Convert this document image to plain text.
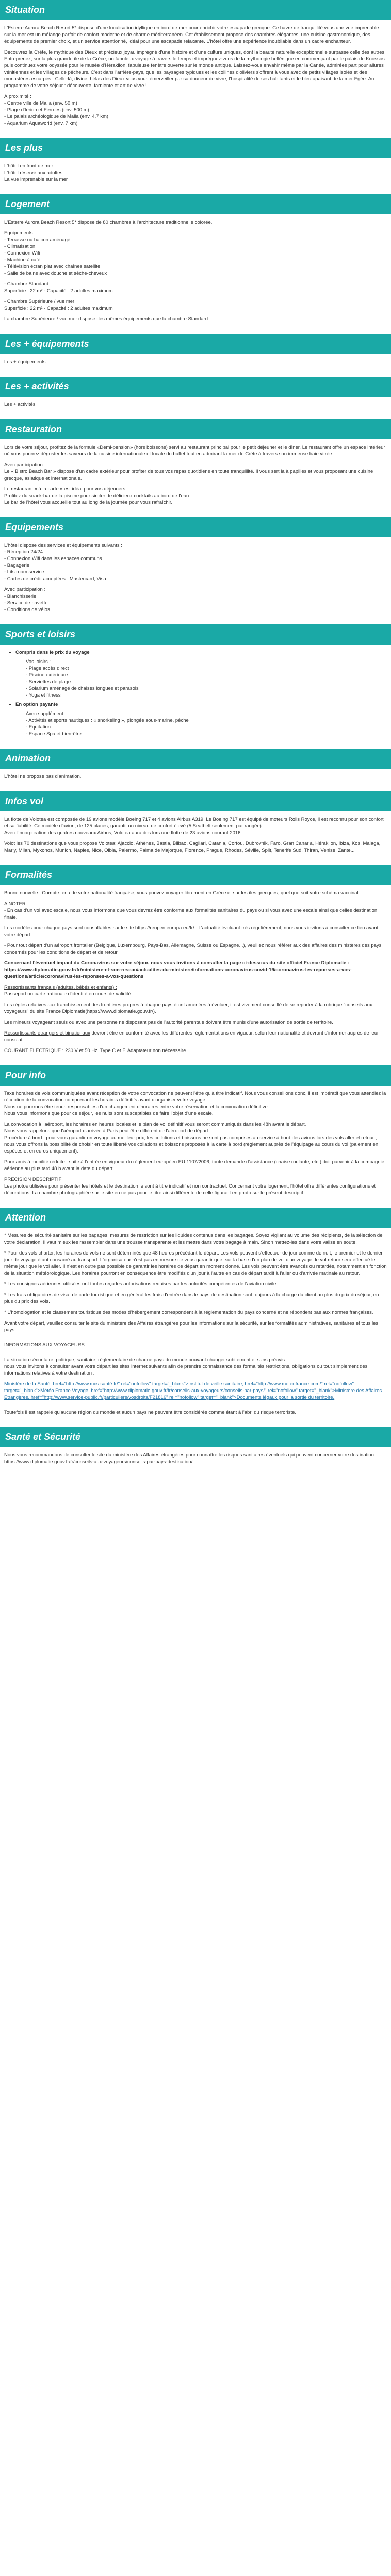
Situation

L'Esterre Aurora Beach Resort 5* dispose d'une localisation idyllique en bord de mer pour enrichir votre escapade grecque. Ce havre de tranquillité vous une vue imprenable sur la mer est un mélange parfait de confort moderne et de charme méditerranéen. Cet établissement propose des chambres élégantes, une cuisine gastronomique, des équipements de premier choix, et un service attentionné, idéal pour une escapade relaxante. L'hôtel offre une expérience inoubliable dans un cadre enchanteur.

Découvrez la Crète, le mythique des Dieux et précieux joyau imprégné d'une histoire et d'une culture uniques, dont la beauté naturelle exceptionnelle surpasse celle des autres. Entreprenez, sur la plus grande île de la Grèce, un fabuleux voyage à travers le temps et imprégnez-vous de la mythologie hellénique en commençant par le palais de Knossos puis continuez votre odyssée pour le musée d'Héraklion, fabuleuse fenêtre ouverte sur le monde antique. Laissez-vous envahir même par la Canée, admirées part pour allures vénitiennes et les villages de pêcheurs. C'est dans l'arrière-pays, que les paysages typiques et les collines d'oliviers s'offrent à vous avec de petits villages isolés et des monastères escarpés.. Celle-là, divine, hélas des Dieux vous vous émerveiller par sa douceur de vivre, l'hospitalité de ses habitants et le bleu apaisant de la mer Egée. Au programme de votre séjour : découverte, farniente et art de vivre !

À proximité :

- Centre ville de Malia (env. 50 m)
- Plage d'Ierion et Ferroes (env. 500 m)
- Le palais archéologique de Malia (env. 4.7 km)
- Aquarium Aquaworld (env. 7 km)
Les plus
L'hôtel en front de mer
L'hôtel réservé aux adultes
La vue imprenable sur la mer
Logement

L'Esterre Aurora Beach Resort 5* dispose de 80 chambres à l'architecture traditionnelle colorée.

Equipements :

- Terrasse ou balcon aménagé
- Climatisation
- Connexion Wifi
- Machine à café
- Télévision écran plat avec chaînes satellite
- Salle de bains avec douche et sèche-cheveux

- Chambre Standard

Superficie : 22 m² - Capacité : 2 adultes maximum

- Chambre Supérieure / vue mer

Superficie : 22 m² - Capacité : 2 adultes maximum

La chambre Supérieure / vue mer dispose des mêmes équipements que la chambre Standard.

Les + équipements

Les + équipements

Les + activités

Les + activités

Restauration

Lors de votre séjour, profitez de la formule «Demi-pension» (hors boissons) servi au restaurant principal pour le petit déjeuner et le dîner. Le restaurant offre un espace intérieur où vous pourrez déguster les saveurs de la cuisine internationale et locale du buffet tout en admirant la mer de Crète à travers son immense baie vitrée.

Avec participation :

Le « Bistro Beach Bar » dispose d'un cadre extérieur pour profiter de tous vos repas quotidiens en toute tranquillité. Il vous sert la à papilles et vous proposant une cuisine grecque, asiatique et internationale.

Le restaurant « à la carte » est idéal pour vos déjeuners.

Profitez du snack-bar de la piscine pour siroter de délicieux cocktails au bord de l'eau.

Le bar de l'hôtel vous accueille tout au long de la journée pour vous rafraîchir.

Equipements

L'hôtel dispose des services et équipements suivants :

- Réception 24/24
- Connexion Wifi dans les espaces communs
- Bagagerie
- Lits room service
- Cartes de crédit acceptées : Mastercard, Visa.

Avec participation :

- Blanchisserie
- Service de navette
- Conditions de vélos
Sports et loisirs
• Compris dans le prix du voyage
Vos loisirs :
- Plage accès direct
- Piscine extérieure
- Serviettes de plage
- Solarium aménagé de chaises longues et parasols
- Yoga et fitness
• En option payante
Avec supplément :
- Activités et sports nautiques : « snorkeling », plongée sous-marine, pêche
- Equitation
- Espace Spa et bien-être
Animation

L'hôtel ne propose pas d'animation.

Infos vol

La flotte de Volotea est composée de 19 avions modèle Boeing 717 et 4 avions Airbus A319. Le Boeing 717 est équipé de moteurs Rolls Royce, il est reconnu pour son confort et sa fiabilité. Ce modèle d'avion, de 125 places, garantit un niveau de confort élevé (5 Seatbelt seulement par rangée).

Avec l'incorporation des quatres nouveaux Airbus, Volotea aura des lors une flotte de 23 avions courant 2016.

Volot les 70 destinations que vous propose Volotea: Ajaccio, Athènes, Bastia, Bilbao, Cagliari, Catania, Corfou, Dubrovnik, Faro, Gran Canaria, Héraklion, Ibiza, Kos, Malaga, Marly, Milan, Mykonos, Munich, Naples, Nice, Olbia, Palermo, Palma de Majorque, Florence, Prague, Rhodes, Séville, Split, Tenerife Sud, Thiran, Venise, Zante...

Formalités

Bonne nouvelle : Compte tenu de votre nationalité française, vous pouvez voyager librement en Grèce et sur les îles grecques, quel que soit votre schéma vaccinal.

A NOTER :

- En cas d'un vol avec escale, nous vous informons que vous devrez être conforme aux formalités sanitaires du pays ou si vous avez une escale ainsi que celles destination finale.

Les modèles pour chaque pays sont consultables sur le site https://reopen.europa.eu/fr/ : L'actualité évoluant très régulièrement, nous vous invitons à consulter ce lien avant votre départ.

- Pour tout départ d'un aéroport frontalier (Belgique, Luxembourg, Pays-Bas, Allemagne, Suisse ou Espagne...), veuillez nous référer aux des affaires des ministères des pays concernés pour les conditions de départ et de retour.

Concernant l'éventuel impact du Coronavirus sur votre séjour, nous vous invitons à consulter la page ci-dessous du site officiel France Diplomatie :

https://www.diplomatie.gouv.fr/fr/ministere-et-son-reseau/actualites-du-ministere/informations-coronavirus-covid-19/coronavirus-les-reponses-a-vos-questions/article/coronavirus-les-reponses-a-vos-questions

Ressortissants français (adultes, bébés et enfants) :

Passeport ou carte nationale d'identité en cours de validité.

Les règles relatives aux franchissement des frontières propres à chaque pays étant amenées à évoluer, il est vivement conseillé de se reporter à la rubrique "conseils aux voyageurs" du site France Diplomatie(https://www.diplomatie.gouv.fr/).

Les mineurs voyageant seuls ou avec une personne ne disposant pas de l'autorité parentale doivent être munis d'une autorisation de sortie de territoire.

Ressortissants étrangers et binationaux devront être en conformité avec les différentes réglementations en vigueur, selon leur nationalité et devront s'informer auprès de leur consulat.

COURANT ELECTRIQUE : 230 V et 50 Hz. Type C et F. Adaptateur non nécessaire.

Pour info

Taxe horaires de vols communiquées avant réception de votre convocation ne peuvent l'être qu'à titre indicatif. Nous vous conseillons donc, il est impératif que vous attendiez la réception de la convocation comprenant les horaires définitifs avant d'organiser votre voyage.

Nous ne pourrons être tenus responsables d'un changement d'horaires entre votre réservation et la convocation définitive.

Nous vous informons que pour ce séjour, les nuits sont susceptibles de faire l'objet d'une escale.

La convocation à l'aéroport, les horaires en heures locales et le plan de vol définitif vous seront communiqués dans les 48h avant le départ.

Nous vous rappelons que l'aéroport d'arrivée à Paris peut être différent de l'aéroport de départ.

Procédure à bord : pour vous garantir un voyage au meilleur prix, les collations et boissons ne sont pas comprises au service à bord des avions lors des vols aller et retour ; nous vous offrons la possibilité de choisir en toute liberté vos collations et boissons proposés à la carte à bord (règlement auprès de l'équipage au cours du vol (paiement en espèces et en euros uniquement).

Pour amis à mobilité réduite : suite à l'entrée en vigueur du règlement européen EU 1107/2006, toute demande d'assistance (chaise roulante, etc.) doit parvenir à la compagnie aérienne au plus tard 48 h avant la date du départ.

PRÉCISION DESCRIPTIF

Les photos utilisées pour présenter les hôtels et le destination le sont à titre indicatif et non contractuel. Concernant votre logement, l'hôtel offre différentes configurations et décorations. La chambre photographiée sur le site en ce pas pour le titre ainsi différente de celle figurant en photo sur le présent descriptif.

Attention

* Mesures de sécurité sanitaire sur les bagages: mesures de restriction sur les liquides contenus dans les bagages. Soyez vigilant au volume des récipients, de la sélection de votre déclaration. Il vaut mieux les rassembler dans une trousse transparente et les mettre dans votre bagage à main. Sinon mettez-les dans votre valise en soute.

* Pour des vols charter, les horaires de vols ne sont déterminés que 48 heures précédant le départ. Les vols peuvent s'effectuer de jour comme de nuit, le premier et le dernier jour de voyage étant consacré au transport. L'organisateur n'est pas en mesure de vous garantir que, sur la base d'un plan de vol d'un voyage, le vol retour sera effectué le même jour que le vol aller. Il n'est en outre pas possible de garantir les horaires de départ en moment donné. Les vols peuvent être avancés ou retardés, notamment en fonction de la situation météorologique. Les horaires pourront en conséquence être modifiés d'un jour à l'autre en cas de départ tardif à l'aller ou d'arrivée matinale au retour.

* Les consignes aériennes utilisées ont toutes reçu les autorisations requises par les autorités compétentes de l'aviation civile.

* Les frais obligatoires de visa, de carte touristique et en général les frais d'entrée dans le pays de destination sont toujours à la charge du client au plus du prix du séjour, en plus du prix des vols.

* L'homologation et le classement touristique des modes d'hébergement correspondent à la réglementation du pays concerné et ne répondent pas aux normes françaises.

Avant votre départ, veuillez consulter le site du ministère des Affaires étrangères pour les informations sur la sécurité, sur les formalités administratives, sanitaires et tous les pays.

INFORMATIONS AUX VOYAGEURS :

La situation sécuritaire, politique, sanitaire, réglementaire de chaque pays du monde pouvant changer subitement et sans préavis.

nous vous invitons à consulter avant votre départ les sites internet suivants afin de prendre connaissance des formalités restrictions, obligations ou tout simplement des informations relatives à votre destination :

Ministère de la Santé, href="http://www.mcs.santé.fr/" rel="nofollow" target="_blank">Institut de veille sanitaire, href="http://www.meteofrance.com/" rel="nofollow" target="_blank">Météo France Voyage, href="http://www.diplomatie.gouv.fr/fr/conseils-aux-voyageurs/conseils-par-pays/" rel="nofollow" target="_blank">Ministère des Affaires Étrangères, href="http://www.service-public.fr/particuliers/vosdroits/F21816" rel="nofollow" target="_blank">Documents légaux pour la sortie du territoire.

Toutefois il est rappelé qu'aucune région du monde et aucun pays ne peuvent être considérés comme étant à l'abri du risque terroriste.

Santé et Sécurité

Nous vous recommandons de consulter le site du ministère des Affaires étrangères pour connaître les risques sanitaires éventuels qui peuvent concerner votre destination : https://www.diplomatie.gouv.fr/fr/conseils-aux-voyageurs/conseils-par-pays-destination/
